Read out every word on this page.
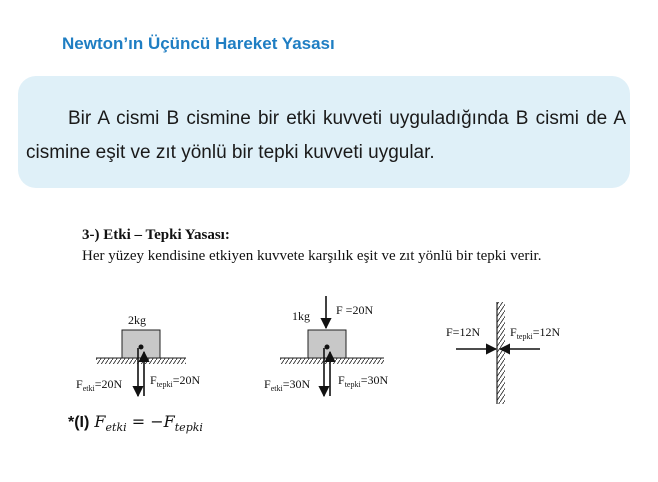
Newton’ın Üçüncü Hareket Yasası

Bir A cismi B cismine bir etki kuvveti uyguladığında B cismi de A cismine eşit ve zıt yönlü bir tepki kuvveti uygular.

3-) Etki – Tepki Yasası:
Her yüzey kendisine etkiyen kuvvete karşılık eşit ve zıt yönlü bir tepki verir.
2kg
$F_{etki}=20N$ $F_{tepki}=20N$
1kg F =20N
$F_{etki}=30N$ $F_{tepki}=30N$
F=12N $F_{tepki}=12N$
*(I) $F_{etki} = -F_{tepki}$
